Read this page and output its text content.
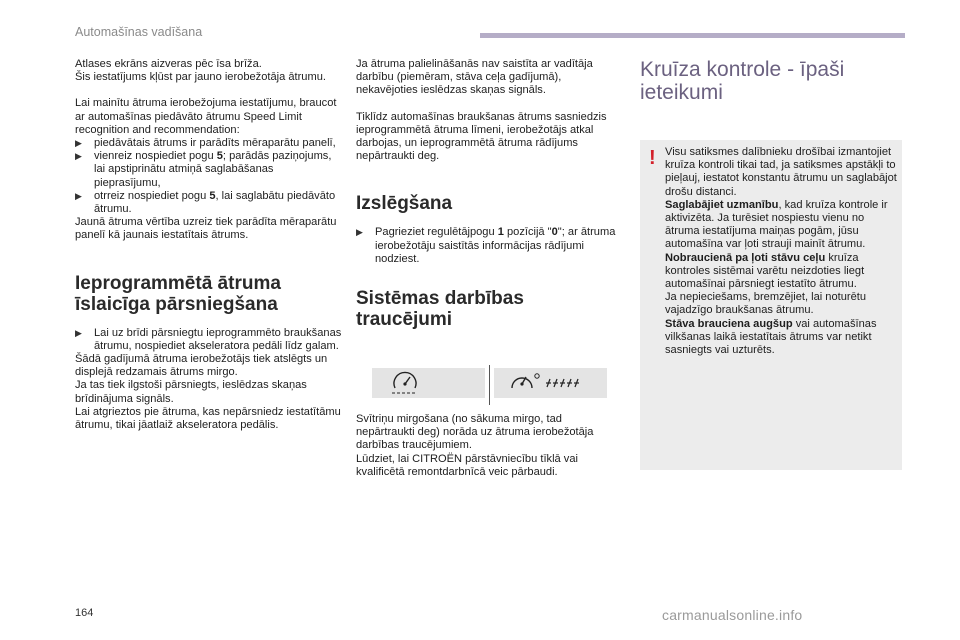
Automašīnas vadīšana

Atlases ekrāns aizveras pēc īsa brīža.
Šis iestatījums kļūst par jauno ierobežotāja ātrumu.

Lai mainītu ātruma ierobežojuma iestatījumu, braucot ar automašīnas piedāvāto ātrumu Speed Limit recognition and recommendation:

▶ piedāvātais ātrums ir parādīts mēraparātu panelī,
▶ vienreiz nospiediet pogu 5; parādās paziņojums, lai apstiprinātu atmiņā saglabāšanas pieprasījumu,
▶ otrreiz nospiediet pogu 5, lai saglabātu piedāvāto ātrumu.

Jaunā ātruma vērtība uzreiz tiek parādīta mēraparātu panelī kā jaunais iestatītais ātrums.

Ieprogrammētā ātruma īslaicīga pārsniegšana
▶ Lai uz brīdi pārsniegtu ieprogrammēto braukšanas ātrumu, nospiediet akseleratora pedāli līdz galam.

Šādā gadījumā ātruma ierobežotājs tiek atslēgts un displejā redzamais ātrums mirgo.
Ja tas tiek ilgstoši pārsniegts, ieslēdzas skaņas brīdinājuma signāls.
Lai atgrieztos pie ātruma, kas nepārsniedz iestatītāmu ātrumu, tikai jāatlaiž akseleratora pedālis.

Ja ātruma palielināšanās nav saistīta ar vadītāja darbību (piemēram, stāva ceļa gadījumā), nekavējoties ieslēdzas skaņas signāls.

Tiklīdz automašīnas braukšanas ātrums sasniedzis ieprogrammētā ātruma līmeni, ierobežotājs atkal darbojas, un ieprogrammētā ātruma rādījums nepārtraukti deg.

Izslēgšana
▶ Pagrieziet regulētājpogu 1 pozīcijā "0"; ar ātruma ierobežotāju saistītās informācijas rādījumi nodziest.
Sistēmas darbības traucējumi

Svītriņu mirgošana (no sākuma mirgo, tad nepārtraukti deg) norāda uz ātruma ierobežotāja darbības traucējumiem.
Lūdziet, lai CITROËN pārstāvniecību tīklā vai kvalificētā remontdarbnīcā veic pārbaudi.

Kruīza kontrole - īpaši ieteikumi
! Visu satiksmes dalībnieku drošībai izmantojiet kruīza kontroli tikai tad, ja satiksmes apstākļi to pieļauj, iestatot konstantu ātrumu un saglabājot drošu distanci.

Saglabājiet uzmanību, kad kruīza kontrole ir aktivizēta. Ja turēsiet nospiestu vienu no ātruma iestatījuma maiņas pogām, jūsu automašīna var ļoti strauji mainīt ātrumu.

Nobraucienā pa ļoti stāvu ceļu kruīza kontroles sistēmai varētu neizdoties liegt automašīnai pārsniegt iestatīto ātrumu.
Ja nepieciešams, bremzējiet, lai noturētu vajadzīgo braukšanas ātrumu.

Stāva brauciena augšup vai automašīnas vilkšanas laikā iestatītais ātrums var netikt sasniegts vai uzturēts.

164	carmanualsonline.info
